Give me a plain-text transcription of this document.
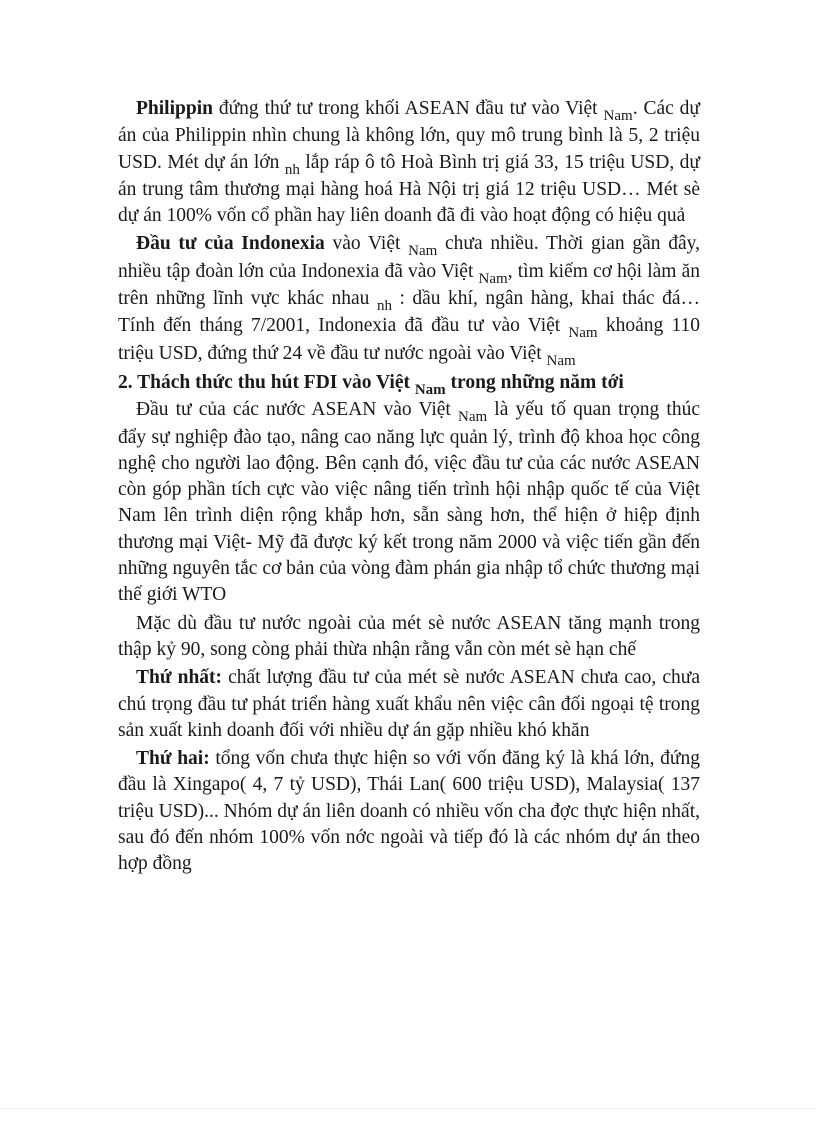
Philippin đứng thứ tư trong khối ASEAN đầu tư vào Việt $_{Nam}$. Các dự án của Philippin nhìn chung là không lớn, quy mô trung bình là 5, 2 triệu USD. Mét dự án lớn $_{nh}$ lắp ráp ô tô Hoà Bình trị giá 33, 15 triệu USD, dự án trung tâm thương mại hàng hoá Hà Nội trị giá 12 triệu USD… Mét sè dự án 100% vốn cổ phần hay liên doanh đã đi vào hoạt động có hiệu quả

Đầu tư của Indonexia vào Việt $_{Nam}$ chưa nhiều. Thời gian gần đây, nhiều tập đoàn lớn của Indonexia đã vào Việt $_{Nam}$, tìm kiếm cơ hội làm ăn trên những lĩnh vực khác nhau $_{nh}$ : dầu khí, ngân hàng, khai thác đá… Tính đến tháng 7/2001, Indonexia đã đầu tư vào Việt $_{Nam}$ khoảng 110 triệu USD, đứng thứ 24 về đầu tư nước ngoài vào Việt $_{Nam}$

2. Thách thức thu hút FDI vào Việt $_{Nam}$ trong những năm tới

Đầu tư của các nước ASEAN vào Việt $_{Nam}$ là yếu tố quan trọng thúc đẩy sự nghiệp đào tạo, nâng cao năng lực quản lý, trình độ khoa học công nghệ cho người lao động. Bên cạnh đó, việc đầu tư của các nước ASEAN còn góp phần tích cực vào việc nâng tiến trình hội nhập quốc tế của Việt Nam lên trình diện rộng khắp hơn, sẵn sàng hơn, thể hiện ở hiệp định thương mại Việt- Mỹ đã được ký kết trong năm 2000 và việc tiến gần đến những nguyên tắc cơ bản của vòng đàm phán gia nhập tổ chức thương mại thế giới WTO

Mặc dù đầu tư nước ngoài của mét sè nước ASEAN tăng mạnh trong thập kỷ 90, song còng phải thừa nhận rằng vẫn còn mét sè hạn chế

Thứ nhất: chất lượng đầu tư của mét sè nước ASEAN chưa cao, chưa chú trọng đầu tư phát triển hàng xuất khẩu nên việc cân đối ngoại tệ trong sản xuất kinh doanh đối với nhiều dự án gặp nhiều khó khăn

Thứ hai: tổng vốn chưa thực hiện so với vốn đăng ký là khá lớn, đứng đầu là Xingapo( 4, 7 tỷ USD), Thái Lan( 600 triệu USD), Malaysia( 137 triệu USD)... Nhóm dự án liên doanh có nhiều vốn cha đợc thực hiện nhất, sau đó đến nhóm 100% vốn nớc ngoài và tiếp đó là các nhóm dự án theo hợp đồng
